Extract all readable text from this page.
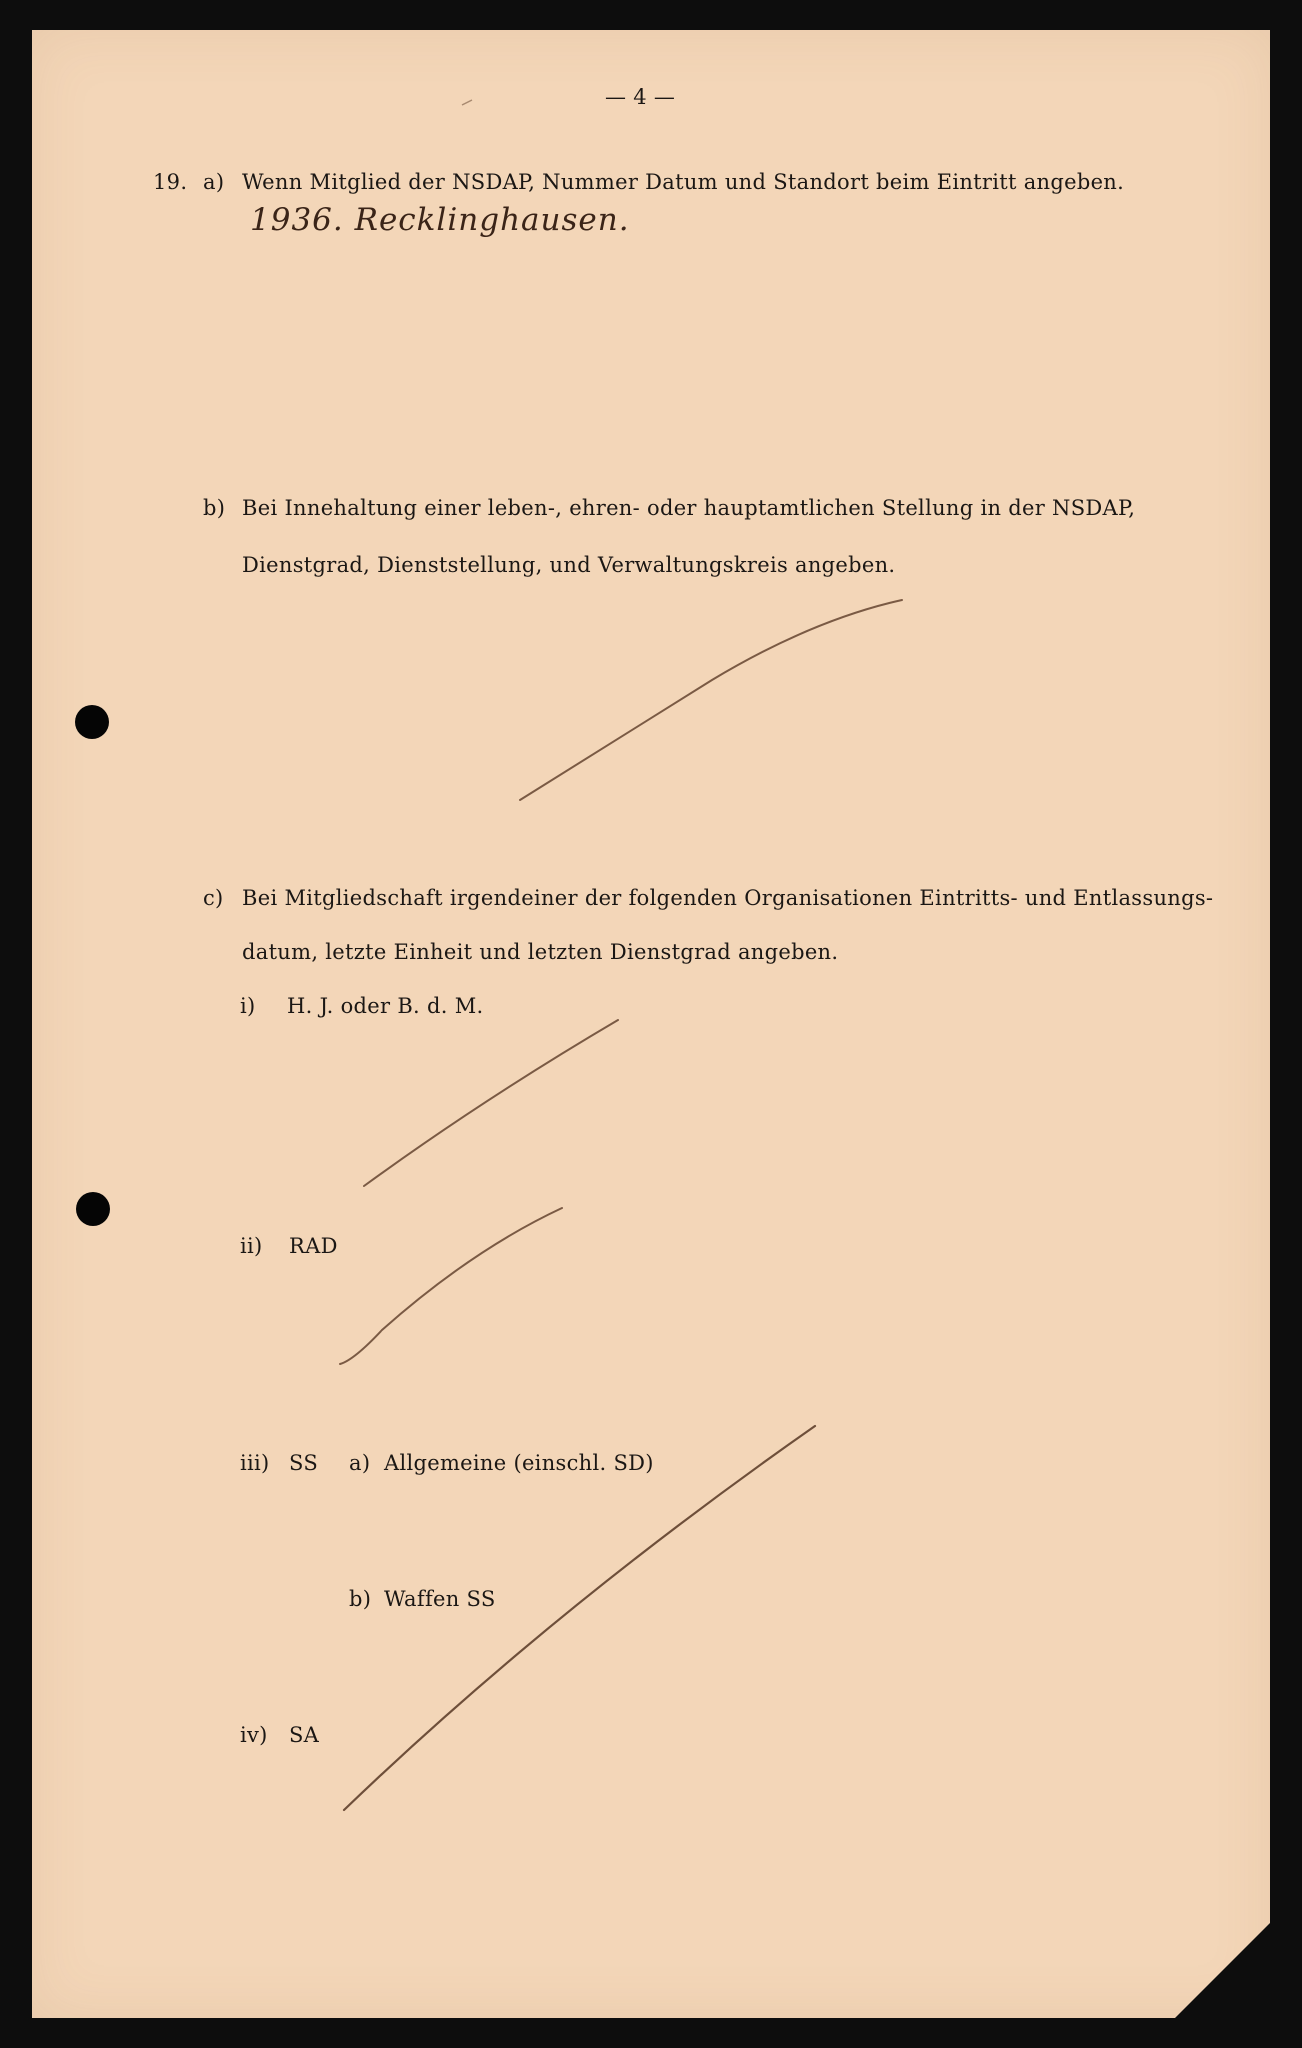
— 4 —
19. a) Wenn Mitglied der NSDAP, Nummer Datum und Standort beim Eintritt angeben.
1936. Recklinghausen.
b) Bei Innehaltung einer leben-, ehren- oder hauptamtlichen Stellung in der NSDAP,
Dienstgrad, Dienststellung, und Verwaltungskreis angeben.
c) Bei Mitgliedschaft irgendeiner der folgenden Organisationen Eintritts- und Entlassungs-
datum, letzte Einheit und letzten Dienstgrad angeben.
i) H. J. oder B. d. M.
ii) RAD
iii) SS a) Allgemeine (einschl. SD)
b) Waffen SS
iv) SA
